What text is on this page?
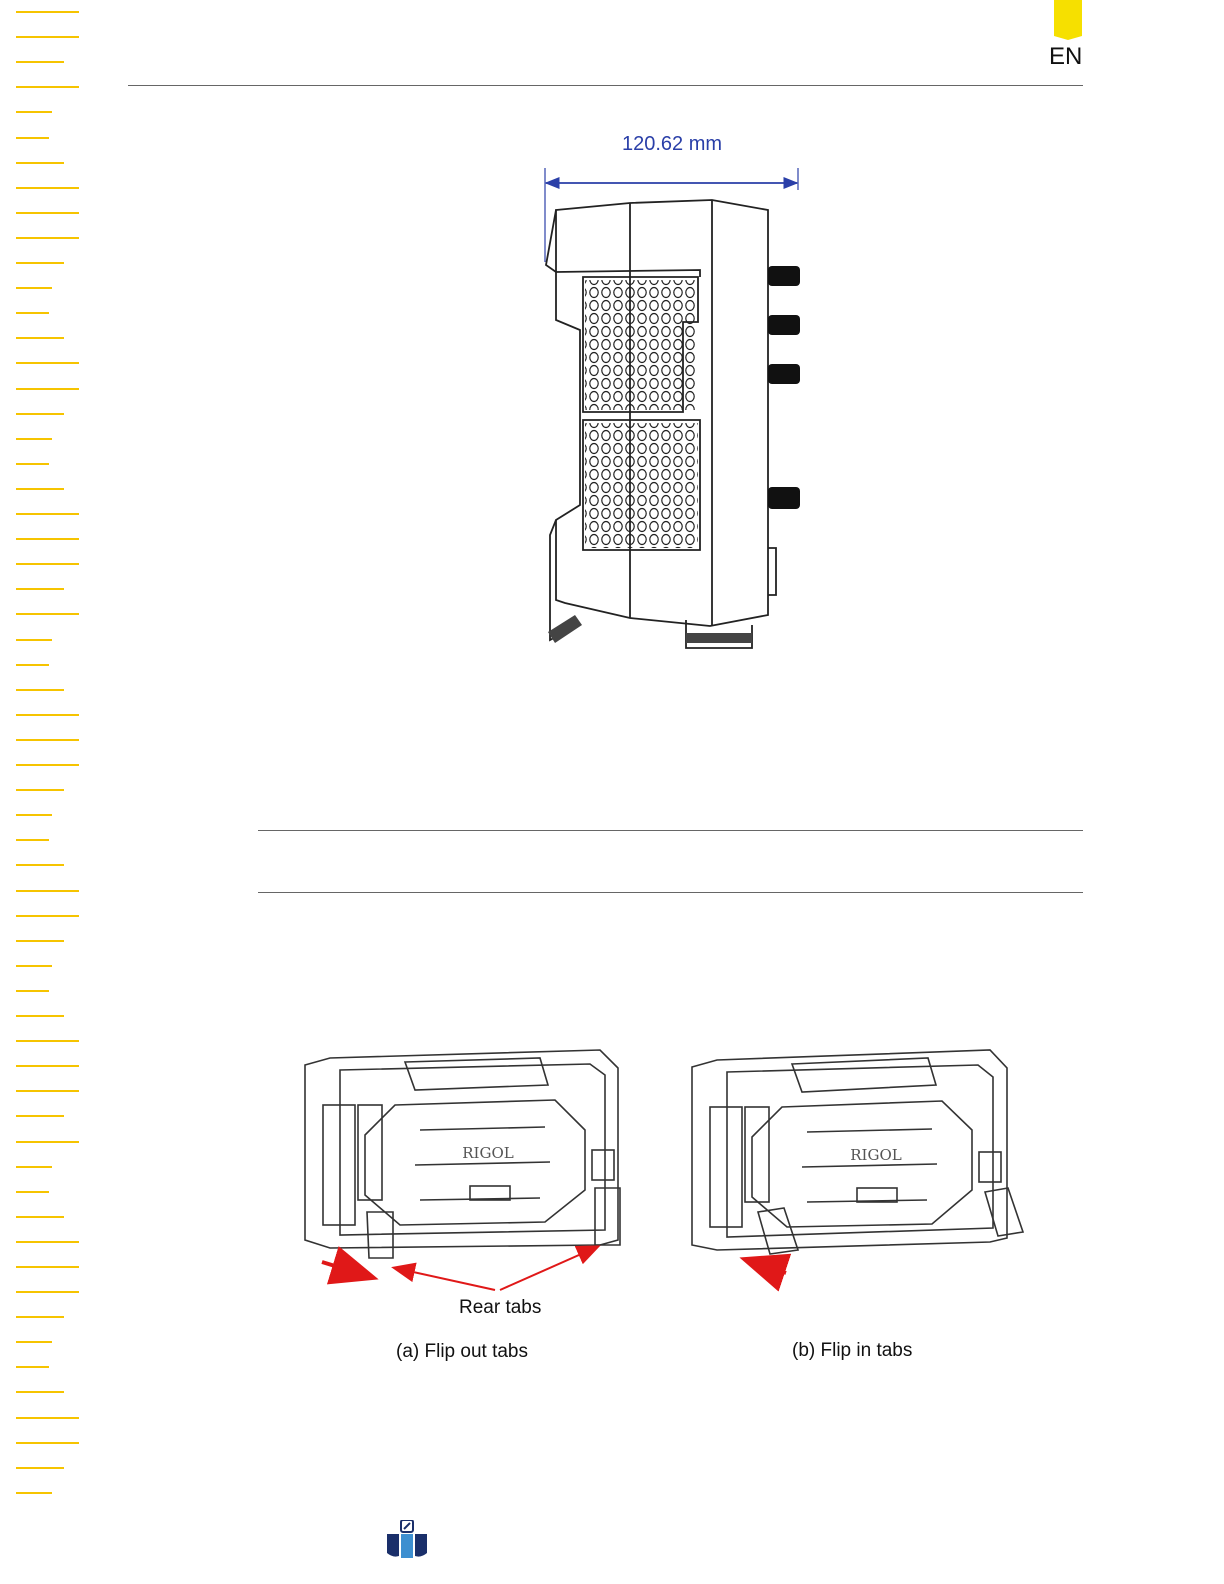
EN
120.62 mm
RIGOL	RIGOL
Rear tabs
(a) Flip out tabs	(b) Flip in tabs
